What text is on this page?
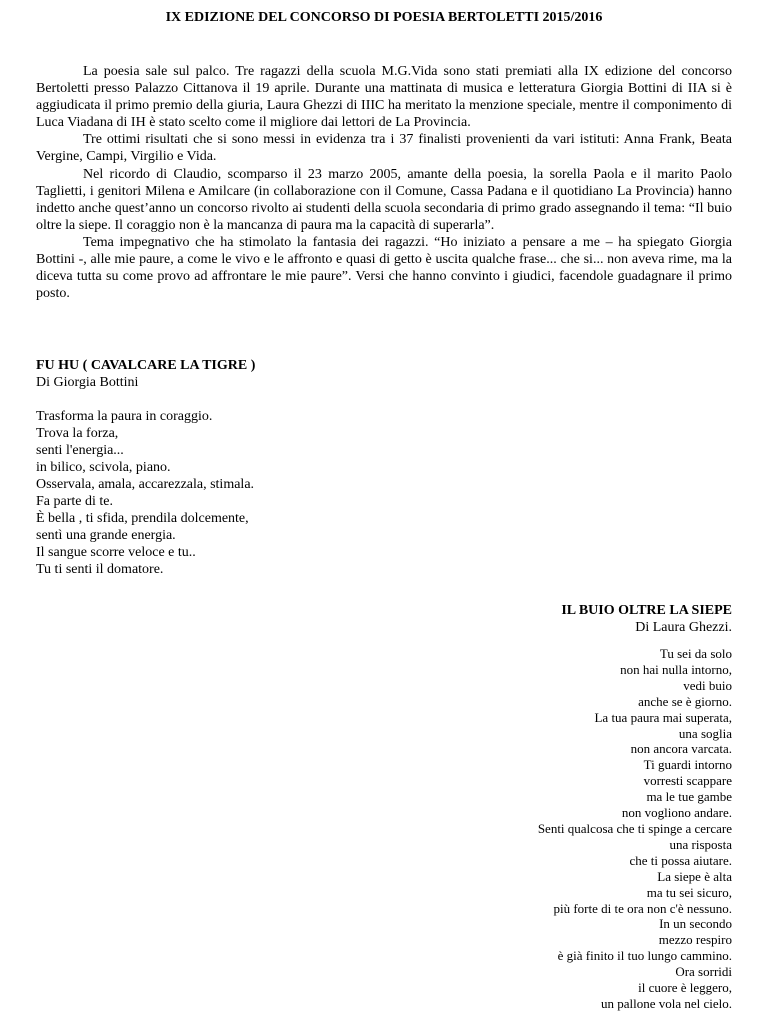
IX EDIZIONE DEL CONCORSO DI POESIA BERTOLETTI 2015/2016

La poesia sale sul palco. Tre ragazzi della scuola M.G.Vida sono stati premiati alla IX edizione del concorso Bertoletti presso Palazzo Cittanova il 19 aprile. Durante una mattinata di musica e letteratura Giorgia Bottini di IIA si è aggiudicata il primo premio della giuria, Laura Ghezzi di IIIC ha meritato la menzione speciale, mentre il componimento di Luca Viadana di IH è stato scelto come il migliore dai lettori de La Provincia.

Tre ottimi risultati che si sono messi in evidenza tra i 37 finalisti provenienti da vari istituti: Anna Frank, Beata Vergine, Campi, Virgilio e Vida.

Nel ricordo di Claudio, scomparso il 23 marzo 2005, amante della poesia, la sorella Paola e il marito Paolo Taglietti, i genitori Milena e Amilcare (in collaborazione con il Comune, Cassa Padana e il quotidiano La Provincia) hanno indetto anche quest’anno un concorso rivolto ai studenti della scuola secondaria di primo grado assegnando il tema: “Il buio oltre la siepe. Il coraggio non è la mancanza di paura ma la capacità di superarla”.

Tema impegnativo che ha stimolato la fantasia dei ragazzi. “Ho iniziato a pensare a me – ha spiegato Giorgia Bottini -, alle mie paure, a come le vivo e le affronto e quasi di getto è uscita qualche frase... che si... non aveva rime, ma la diceva tutta su come provo ad affrontare le mie paure”. Versi che hanno convinto i giudici, facendole guadagnare il primo posto.

FU HU ( CAVALCARE LA TIGRE )
Di Giorgia Bottini
Trasforma la paura in coraggio.
Trova la forza,
senti l'energia...
in bilico, scivola, piano.
Osservala, amala, accarezzala, stimala.
Fa parte di te.
È bella , ti sfida, prendila dolcemente,
sentì una grande energia.
Il sangue scorre veloce e tu..
Tu ti senti il domatore.
IL BUIO OLTRE LA SIEPE
Di Laura Ghezzi.
Tu sei da solo
non hai nulla intorno,
vedi buio
anche se è giorno.
La tua paura mai superata,
una soglia
non ancora varcata.
Ti guardi intorno
vorresti scappare
ma le tue gambe
non vogliono andare.
Senti qualcosa che ti spinge a cercare
una risposta
che ti possa aiutare.
La siepe è alta
ma tu sei sicuro,
più forte di te ora non c'è nessuno.
In un secondo
mezzo respiro
è già finito il tuo lungo cammino.
Ora sorridi
il cuore è leggero,
un pallone vola nel cielo.
